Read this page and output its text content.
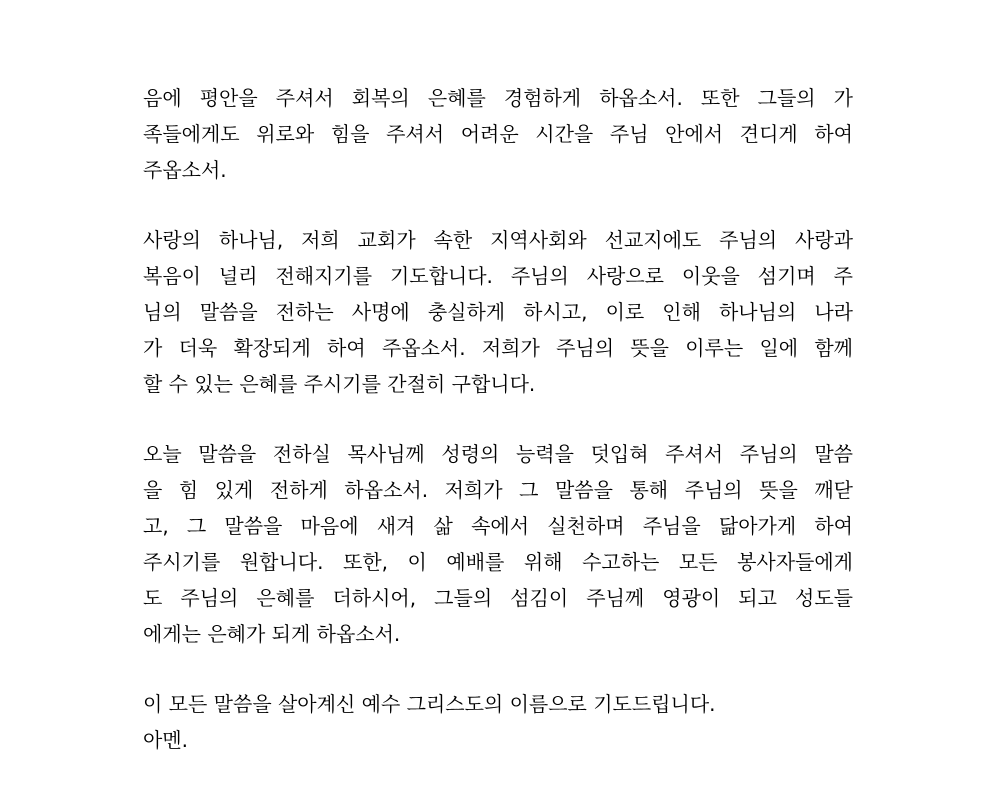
음에 평안을 주셔서 회복의 은혜를 경험하게 하옵소서. 또한 그들의 가
족들에게도 위로와 힘을 주셔서 어려운 시간을 주님 안에서 견디게 하여
주옵소서.
사랑의 하나님, 저희 교회가 속한 지역사회와 선교지에도 주님의 사랑과
복음이 널리 전해지기를 기도합니다. 주님의 사랑으로 이웃을 섬기며 주
님의 말씀을 전하는 사명에 충실하게 하시고, 이로 인해 하나님의 나라
가 더욱 확장되게 하여 주옵소서. 저희가 주님의 뜻을 이루는 일에 함께
할 수 있는 은혜를 주시기를 간절히 구합니다.
오늘 말씀을 전하실 목사님께 성령의 능력을 덧입혀 주셔서 주님의 말씀
을 힘 있게 전하게 하옵소서. 저희가 그 말씀을 통해 주님의 뜻을 깨닫
고, 그 말씀을 마음에 새겨 삶 속에서 실천하며 주님을 닮아가게 하여
주시기를 원합니다. 또한, 이 예배를 위해 수고하는 모든 봉사자들에게
도 주님의 은혜를 더하시어, 그들의 섬김이 주님께 영광이 되고 성도들
에게는 은혜가 되게 하옵소서.
이 모든 말씀을 살아계신 예수 그리스도의 이름으로 기도드립니다.
아멘.
